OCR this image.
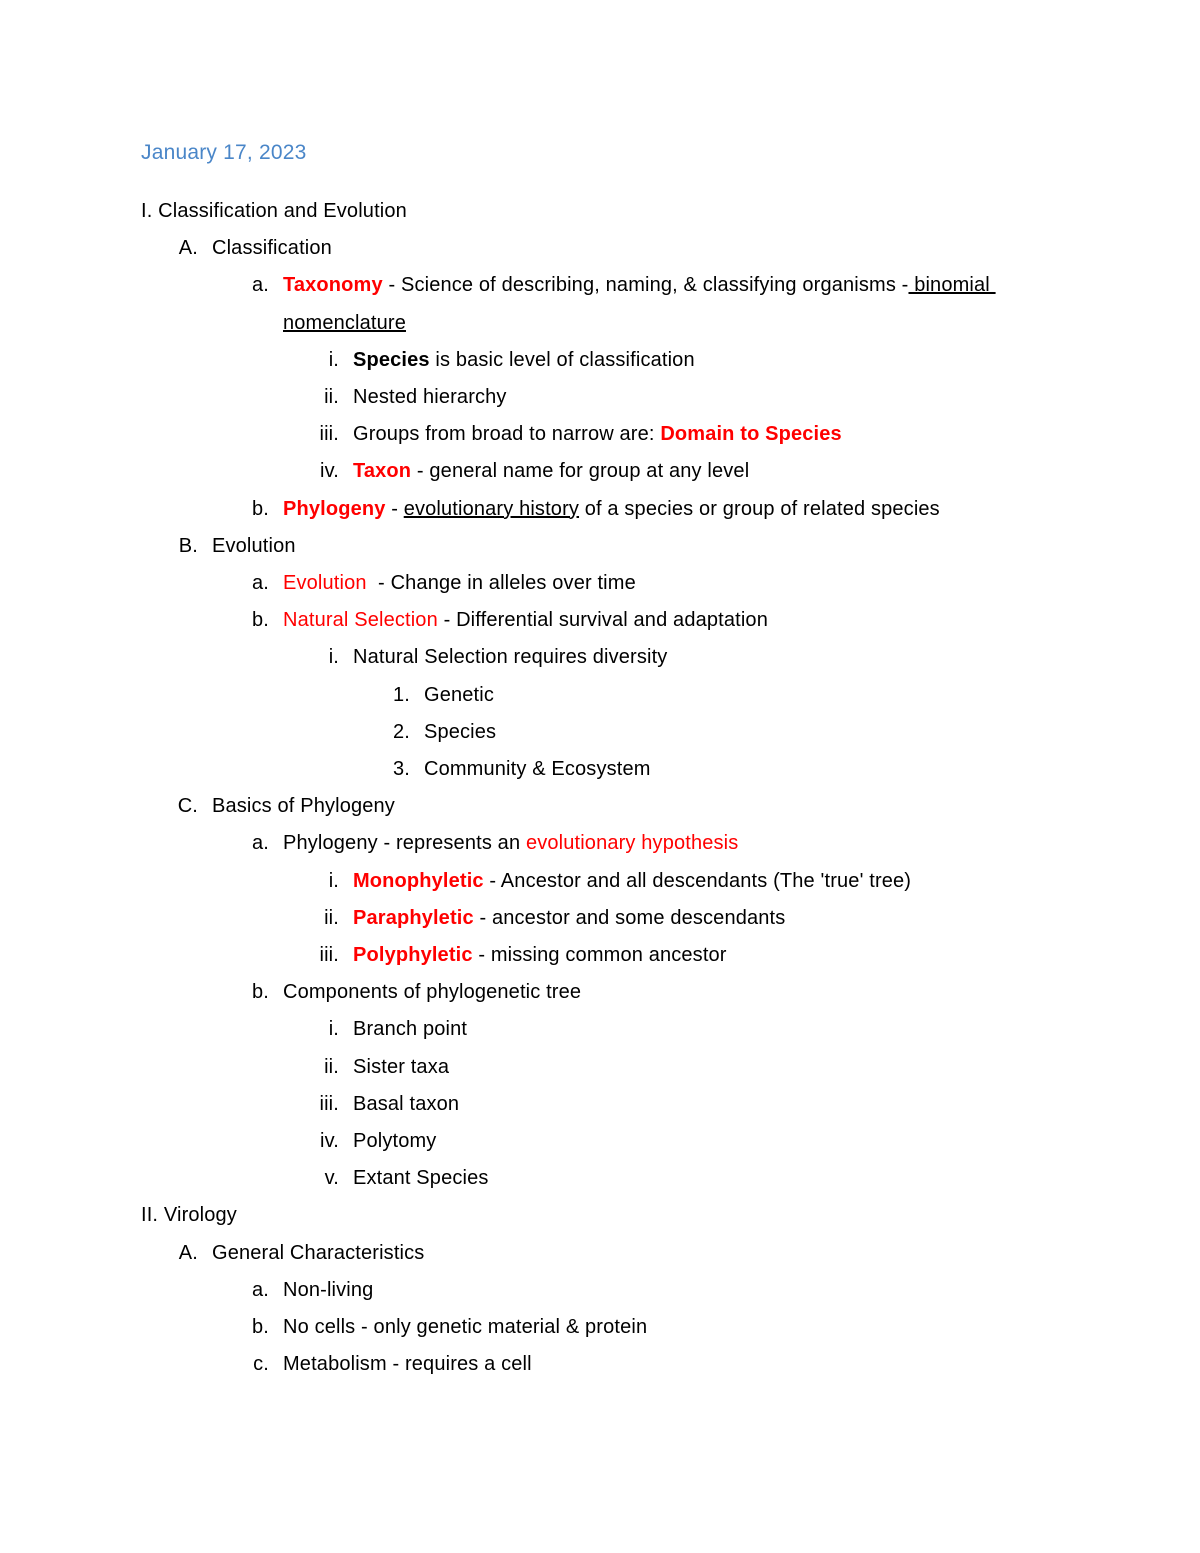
January 17, 2023
I. Classification and Evolution
A. Classification
a. Taxonomy - Science of describing, naming, & classifying organisms - binomial
nomenclature
i. Species is basic level of classification
ii. Nested hierarchy
iii. Groups from broad to narrow are: Domain to Species
iv. Taxon - general name for group at any level
b. Phylogeny - evolutionary history of a species or group of related species
B. Evolution
a. Evolution  - Change in alleles over time
b. Natural Selection - Differential survival and adaptation
i. Natural Selection requires diversity
1. Genetic
2. Species
3. Community & Ecosystem
C. Basics of Phylogeny
a. Phylogeny - represents an evolutionary hypothesis
i. Monophyletic - Ancestor and all descendants (The 'true' tree)
ii. Paraphyletic - ancestor and some descendants
iii. Polyphyletic - missing common ancestor
b. Components of phylogenetic tree
i. Branch point
ii. Sister taxa
iii. Basal taxon
iv. Polytomy
v. Extant Species
II. Virology
A. General Characteristics
a. Non-living
b. No cells - only genetic material & protein
c. Metabolism - requires a cell
